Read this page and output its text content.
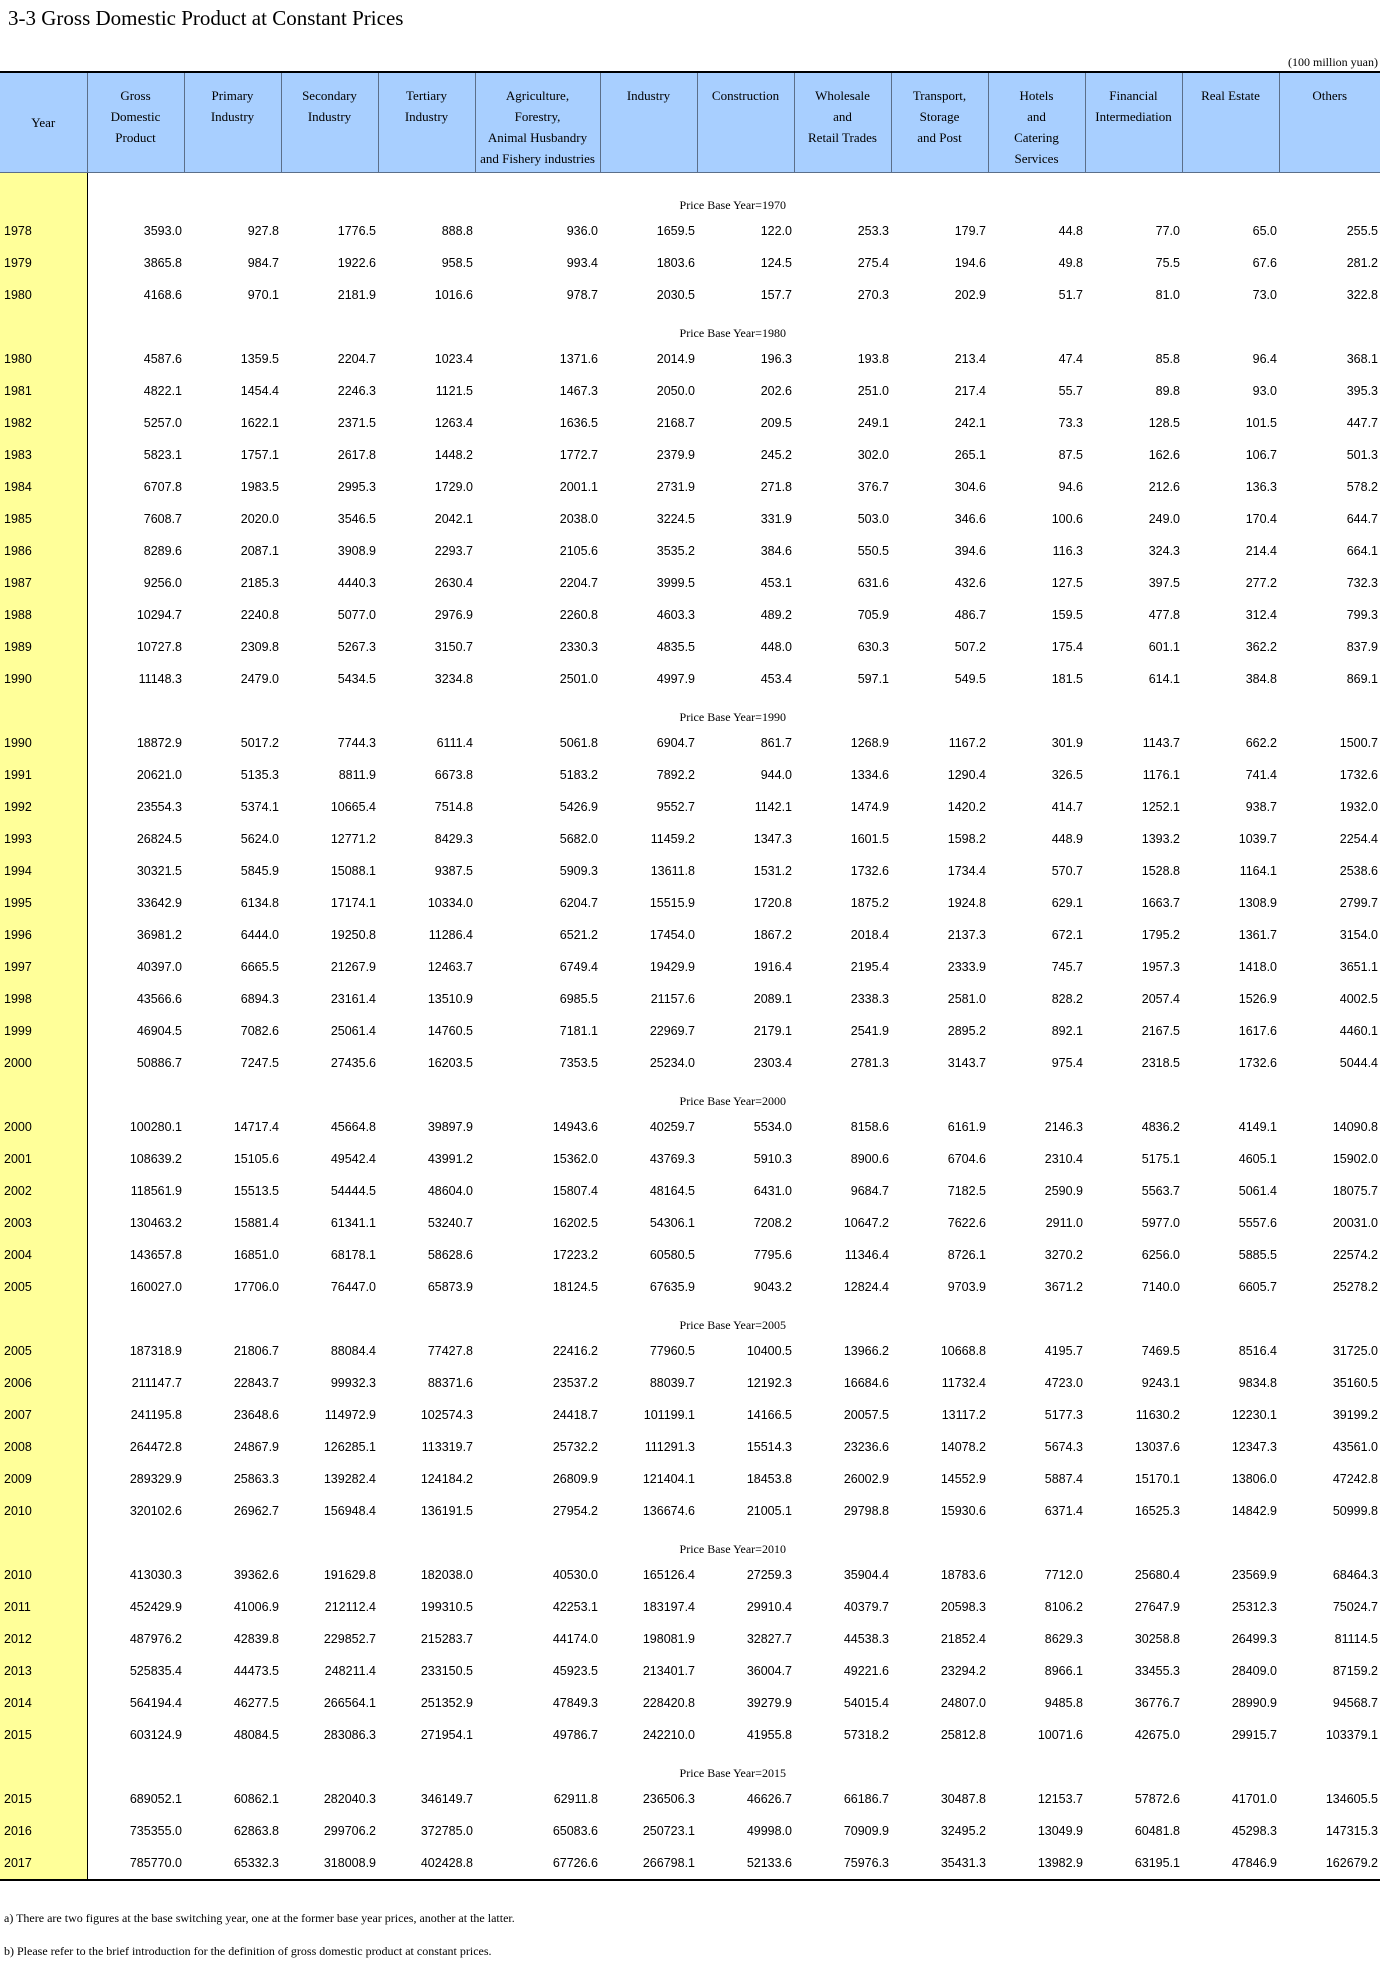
3-3 Gross Domestic Product at Constant Prices
(100 million yuan)
Year	Gross
Domestic
Product	Primary
Industry	Secondary
Industry	Tertiary
Industry	Agriculture,
Forestry,
Animal Husbandry
and Fishery industries	Industry	Construction	Wholesale
and
Retail Trades	Transport,
Storage
and Post	Hotels
and
Catering
Services	Financial
Intermediation	Real Estate	Others
	Price Base Year=1970												
1978	3593.0	927.8	1776.5	888.8	936.0	1659.5	122.0	253.3	179.7	44.8	77.0	65.0	255.5
1979	3865.8	984.7	1922.6	958.5	993.4	1803.6	124.5	275.4	194.6	49.8	75.5	67.6	281.2
1980	4168.6	970.1	2181.9	1016.6	978.7	2030.5	157.7	270.3	202.9	51.7	81.0	73.0	322.8
	Price Base Year=1980												
1980	4587.6	1359.5	2204.7	1023.4	1371.6	2014.9	196.3	193.8	213.4	47.4	85.8	96.4	368.1
1981	4822.1	1454.4	2246.3	1121.5	1467.3	2050.0	202.6	251.0	217.4	55.7	89.8	93.0	395.3
1982	5257.0	1622.1	2371.5	1263.4	1636.5	2168.7	209.5	249.1	242.1	73.3	128.5	101.5	447.7
1983	5823.1	1757.1	2617.8	1448.2	1772.7	2379.9	245.2	302.0	265.1	87.5	162.6	106.7	501.3
1984	6707.8	1983.5	2995.3	1729.0	2001.1	2731.9	271.8	376.7	304.6	94.6	212.6	136.3	578.2
1985	7608.7	2020.0	3546.5	2042.1	2038.0	3224.5	331.9	503.0	346.6	100.6	249.0	170.4	644.7
1986	8289.6	2087.1	3908.9	2293.7	2105.6	3535.2	384.6	550.5	394.6	116.3	324.3	214.4	664.1
1987	9256.0	2185.3	4440.3	2630.4	2204.7	3999.5	453.1	631.6	432.6	127.5	397.5	277.2	732.3
1988	10294.7	2240.8	5077.0	2976.9	2260.8	4603.3	489.2	705.9	486.7	159.5	477.8	312.4	799.3
1989	10727.8	2309.8	5267.3	3150.7	2330.3	4835.5	448.0	630.3	507.2	175.4	601.1	362.2	837.9
1990	11148.3	2479.0	5434.5	3234.8	2501.0	4997.9	453.4	597.1	549.5	181.5	614.1	384.8	869.1
	Price Base Year=1990												
1990	18872.9	5017.2	7744.3	6111.4	5061.8	6904.7	861.7	1268.9	1167.2	301.9	1143.7	662.2	1500.7
1991	20621.0	5135.3	8811.9	6673.8	5183.2	7892.2	944.0	1334.6	1290.4	326.5	1176.1	741.4	1732.6
1992	23554.3	5374.1	10665.4	7514.8	5426.9	9552.7	1142.1	1474.9	1420.2	414.7	1252.1	938.7	1932.0
1993	26824.5	5624.0	12771.2	8429.3	5682.0	11459.2	1347.3	1601.5	1598.2	448.9	1393.2	1039.7	2254.4
1994	30321.5	5845.9	15088.1	9387.5	5909.3	13611.8	1531.2	1732.6	1734.4	570.7	1528.8	1164.1	2538.6
1995	33642.9	6134.8	17174.1	10334.0	6204.7	15515.9	1720.8	1875.2	1924.8	629.1	1663.7	1308.9	2799.7
1996	36981.2	6444.0	19250.8	11286.4	6521.2	17454.0	1867.2	2018.4	2137.3	672.1	1795.2	1361.7	3154.0
1997	40397.0	6665.5	21267.9	12463.7	6749.4	19429.9	1916.4	2195.4	2333.9	745.7	1957.3	1418.0	3651.1
1998	43566.6	6894.3	23161.4	13510.9	6985.5	21157.6	2089.1	2338.3	2581.0	828.2	2057.4	1526.9	4002.5
1999	46904.5	7082.6	25061.4	14760.5	7181.1	22969.7	2179.1	2541.9	2895.2	892.1	2167.5	1617.6	4460.1
2000	50886.7	7247.5	27435.6	16203.5	7353.5	25234.0	2303.4	2781.3	3143.7	975.4	2318.5	1732.6	5044.4
	Price Base Year=2000												
2000	100280.1	14717.4	45664.8	39897.9	14943.6	40259.7	5534.0	8158.6	6161.9	2146.3	4836.2	4149.1	14090.8
2001	108639.2	15105.6	49542.4	43991.2	15362.0	43769.3	5910.3	8900.6	6704.6	2310.4	5175.1	4605.1	15902.0
2002	118561.9	15513.5	54444.5	48604.0	15807.4	48164.5	6431.0	9684.7	7182.5	2590.9	5563.7	5061.4	18075.7
2003	130463.2	15881.4	61341.1	53240.7	16202.5	54306.1	7208.2	10647.2	7622.6	2911.0	5977.0	5557.6	20031.0
2004	143657.8	16851.0	68178.1	58628.6	17223.2	60580.5	7795.6	11346.4	8726.1	3270.2	6256.0	5885.5	22574.2
2005	160027.0	17706.0	76447.0	65873.9	18124.5	67635.9	9043.2	12824.4	9703.9	3671.2	7140.0	6605.7	25278.2
	Price Base Year=2005												
2005	187318.9	21806.7	88084.4	77427.8	22416.2	77960.5	10400.5	13966.2	10668.8	4195.7	7469.5	8516.4	31725.0
2006	211147.7	22843.7	99932.3	88371.6	23537.2	88039.7	12192.3	16684.6	11732.4	4723.0	9243.1	9834.8	35160.5
2007	241195.8	23648.6	114972.9	102574.3	24418.7	101199.1	14166.5	20057.5	13117.2	5177.3	11630.2	12230.1	39199.2
2008	264472.8	24867.9	126285.1	113319.7	25732.2	111291.3	15514.3	23236.6	14078.2	5674.3	13037.6	12347.3	43561.0
2009	289329.9	25863.3	139282.4	124184.2	26809.9	121404.1	18453.8	26002.9	14552.9	5887.4	15170.1	13806.0	47242.8
2010	320102.6	26962.7	156948.4	136191.5	27954.2	136674.6	21005.1	29798.8	15930.6	6371.4	16525.3	14842.9	50999.8
	Price Base Year=2010												
2010	413030.3	39362.6	191629.8	182038.0	40530.0	165126.4	27259.3	35904.4	18783.6	7712.0	25680.4	23569.9	68464.3
2011	452429.9	41006.9	212112.4	199310.5	42253.1	183197.4	29910.4	40379.7	20598.3	8106.2	27647.9	25312.3	75024.7
2012	487976.2	42839.8	229852.7	215283.7	44174.0	198081.9	32827.7	44538.3	21852.4	8629.3	30258.8	26499.3	81114.5
2013	525835.4	44473.5	248211.4	233150.5	45923.5	213401.7	36004.7	49221.6	23294.2	8966.1	33455.3	28409.0	87159.2
2014	564194.4	46277.5	266564.1	251352.9	47849.3	228420.8	39279.9	54015.4	24807.0	9485.8	36776.7	28990.9	94568.7
2015	603124.9	48084.5	283086.3	271954.1	49786.7	242210.0	41955.8	57318.2	25812.8	10071.6	42675.0	29915.7	103379.1
	Price Base Year=2015												
2015	689052.1	60862.1	282040.3	346149.7	62911.8	236506.3	46626.7	66186.7	30487.8	12153.7	57872.6	41701.0	134605.5
2016	735355.0	62863.8	299706.2	372785.0	65083.6	250723.1	49998.0	70909.9	32495.2	13049.9	60481.8	45298.3	147315.3
2017	785770.0	65332.3	318008.9	402428.8	67726.6	266798.1	52133.6	75976.3	35431.3	13982.9	63195.1	47846.9	162679.2
a) There are two figures at the base switching year, one at the former base year prices, another at the latter.
b) Please refer to the brief introduction for the definition of gross domestic product at constant prices.
